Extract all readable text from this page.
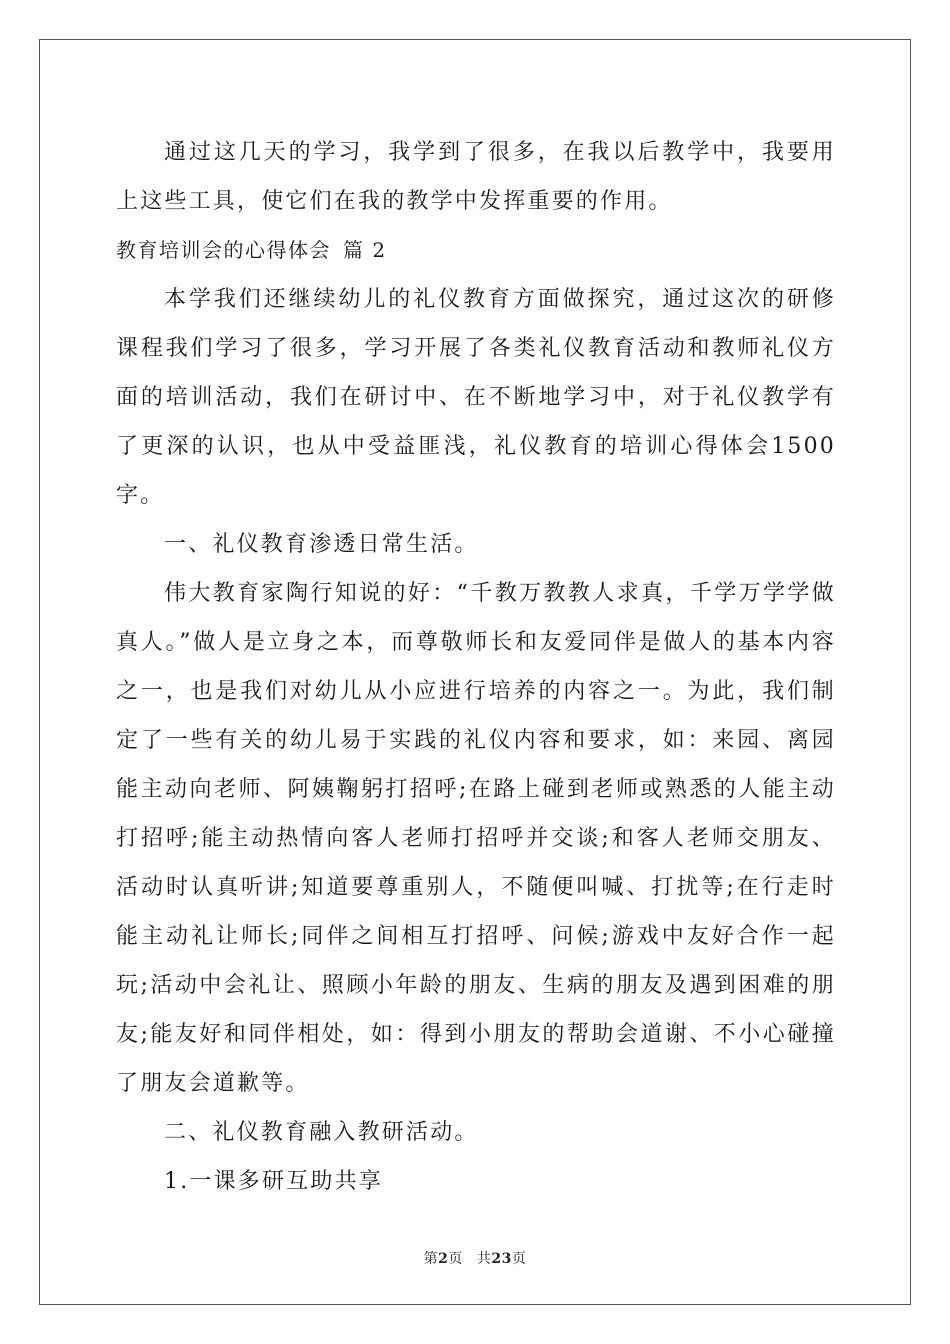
通过这几天的学习，我学到了很多，在我以后教学中，我要用上这些工具，使它们在我的教学中发挥重要的作用。

教育培训会的心得体会 篇 2

本学我们还继续幼儿的礼仪教育方面做探究，通过这次的研修课程我们学习了很多，学习开展了各类礼仪教育活动和教师礼仪方面的培训活动，我们在研讨中、在不断地学习中，对于礼仪教学有了更深的认识，也从中受益匪浅，礼仪教育的培训心得体会1500字。

一、礼仪教育渗透日常生活。

伟大教育家陶行知说的好：“千教万教教人求真，千学万学学做真人。”做人是立身之本，而尊敬师长和友爱同伴是做人的基本内容之一，也是我们对幼儿从小应进行培养的内容之一。为此，我们制定了一些有关的幼儿易于实践的礼仪内容和要求，如：来园、离园能主动向老师、阿姨鞠躬打招呼;在路上碰到老师或熟悉的人能主动打招呼;能主动热情向客人老师打招呼并交谈;和客人老师交朋友、活动时认真听讲;知道要尊重别人，不随便叫喊、打扰等;在行走时能主动礼让师长;同伴之间相互打招呼、问候;游戏中友好合作一起玩;活动中会礼让、照顾小年龄的朋友、生病的朋友及遇到困难的朋友;能友好和同伴相处，如：得到小朋友的帮助会道谢、不小心碰撞了朋友会道歉等。

二、礼仪教育融入教研活动。

1.一课多研互助共享

第2页 共23页
